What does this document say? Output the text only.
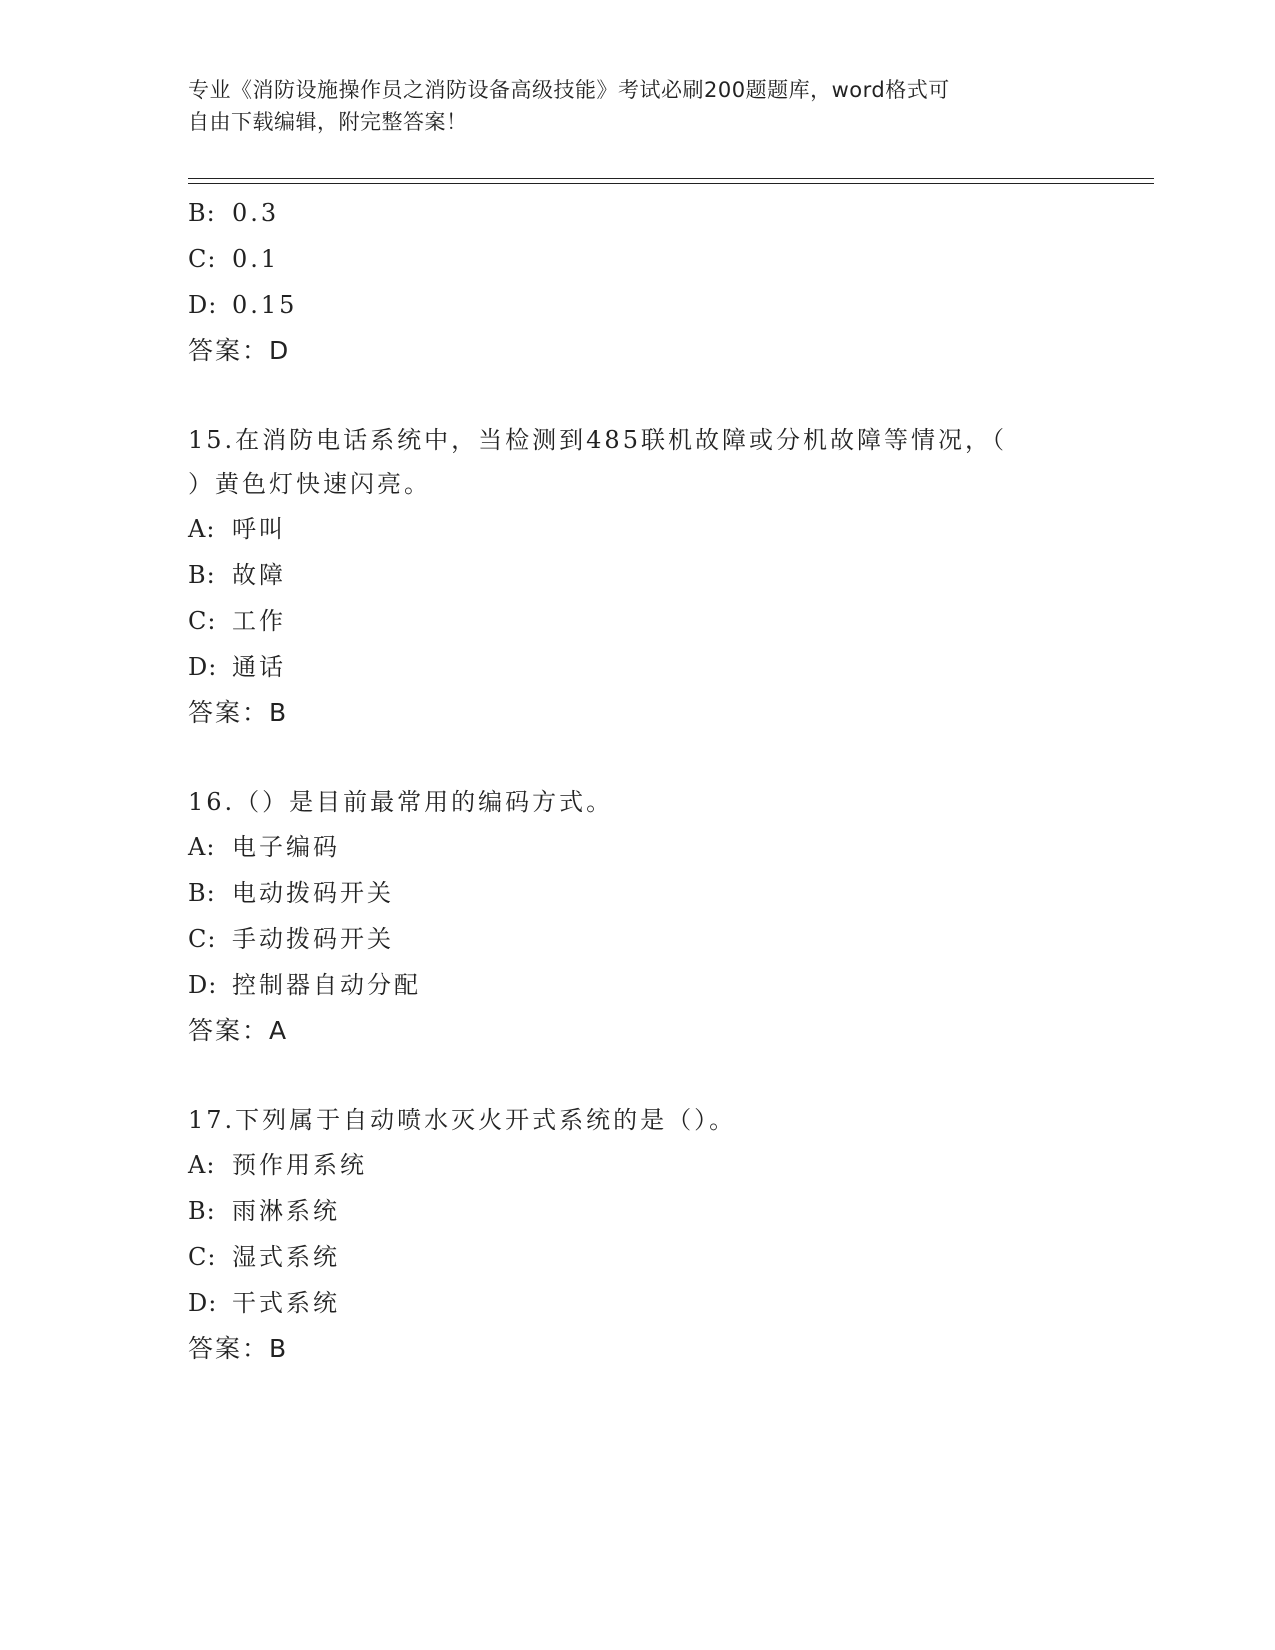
专业《消防设施操作员之消防设备高级技能》考试必刷200题题库，word格式可
自由下载编辑，附完整答案！
B: 0.3
C: 0.1
D: 0.15
答案：D
15.在消防电话系统中，当检测到485联机故障或分机故障等情况，（
）黄色灯快速闪亮。
A: 呼叫
B: 故障
C: 工作
D: 通话
答案：B
16.（）是目前最常用的编码方式。
A: 电子编码
B: 电动拨码开关
C: 手动拨码开关
D: 控制器自动分配
答案：A
17.下列属于自动喷水灭火开式系统的是（）。
A: 预作用系统
B: 雨淋系统
C: 湿式系统
D: 干式系统
答案：B
